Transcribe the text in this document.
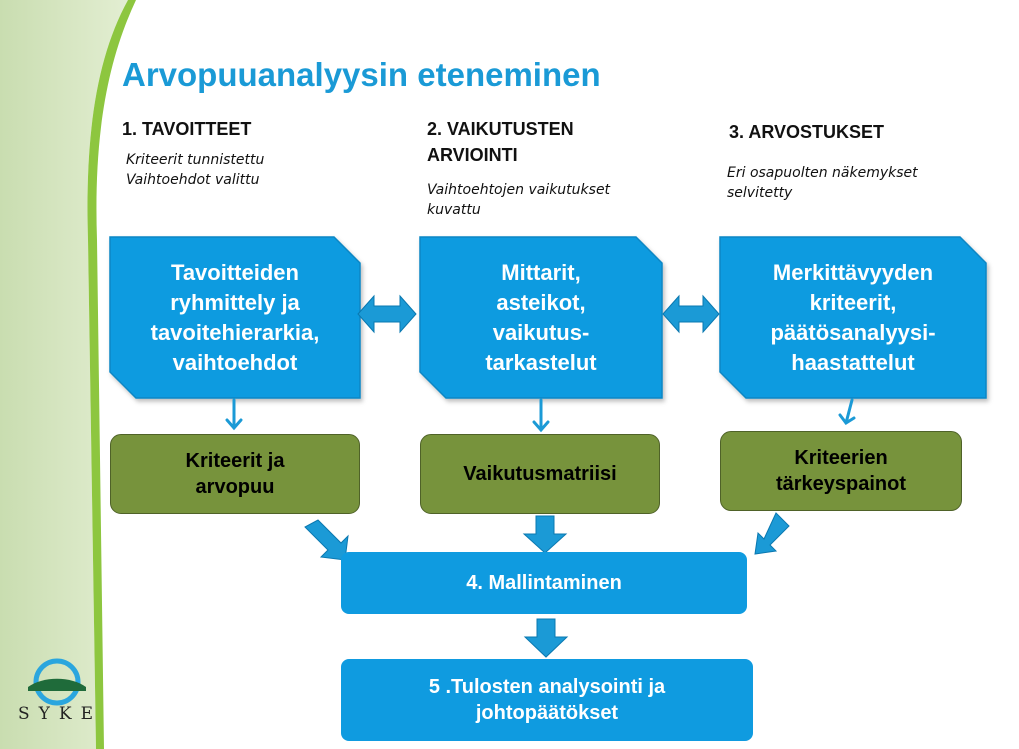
Arvopuuanalyysin eteneminen
1. TAVOITTEET	2. VAIKUTUSTEN
ARVIOINTI
3. ARVOSTUKSET
Kriteerit tunnistettu
Vaihtoehdot valittu
Vaihtoehtojen vaikutukset
kuvattu
Eri osapuolten näkemykset
selvitetty
Tavoitteiden
ryhmittely ja
tavoitehierarkia,
vaihtoehdot
Mittarit,
asteikot,
vaikutus-
tarkastelut
Merkittävyyden
kriteerit,
päätösanalyysi-
haastattelut
Kriteerit ja
arvopuu
Vaikutusmatriisi
Kriteerien
tärkeyspainot
4. Mallintaminen
5 .Tulosten analysointi ja
johtopäätökset
SYKE
